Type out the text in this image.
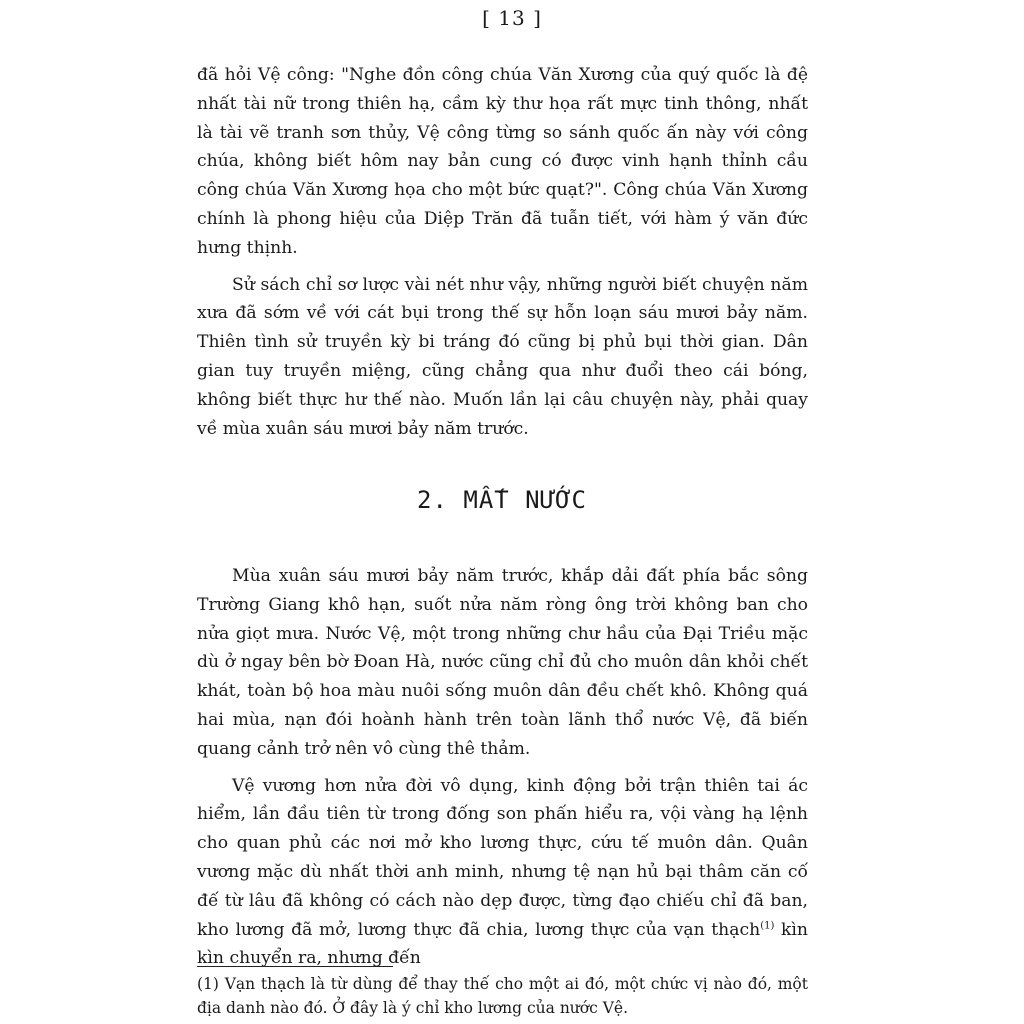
[ 13 ]

đã hỏi Vệ công: "Nghe đồn công chúa Văn Xương của quý quốc là đệ nhất tài nữ trong thiên hạ, cầm kỳ thư họa rất mực tinh thông, nhất là tài vẽ tranh sơn thủy, Vệ công từng so sánh quốc ấn này với công chúa, không biết hôm nay bản cung có được vinh hạnh thỉnh cầu công chúa Văn Xương họa cho một bức quạt?". Công chúa Văn Xương chính là phong hiệu của Diệp Trăn đã tuẫn tiết, với hàm ý văn đức hưng thịnh.

Sử sách chỉ sơ lược vài nét như vậy, những người biết chuyện năm xưa đã sớm về với cát bụi trong thế sự hỗn loạn sáu mươi bảy năm. Thiên tình sử truyền kỳ bi tráng đó cũng bị phủ bụi thời gian. Dân gian tuy truyền miệng, cũng chẳng qua như đuổi theo cái bóng, không biết thực hư thế nào. Muốn lần lại câu chuyện này, phải quay về mùa xuân sáu mươi bảy năm trước.

2. MẤT NƯỚC

Mùa xuân sáu mươi bảy năm trước, khắp dải đất phía bắc sông Trường Giang khô hạn, suốt nửa năm ròng ông trời không ban cho nửa giọt mưa. Nước Vệ, một trong những chư hầu của Đại Triều mặc dù ở ngay bên bờ Đoan Hà, nước cũng chỉ đủ cho muôn dân khỏi chết khát, toàn bộ hoa màu nuôi sống muôn dân đều chết khô. Không quá hai mùa, nạn đói hoành hành trên toàn lãnh thổ nước Vệ, đã biến quang cảnh trở nên vô cùng thê thảm.

Vệ vương hơn nửa đời vô dụng, kinh động bởi trận thiên tai ác hiểm, lần đầu tiên từ trong đống son phấn hiểu ra, vội vàng hạ lệnh cho quan phủ các nơi mở kho lương thực, cứu tế muôn dân. Quân vương mặc dù nhất thời anh minh, nhưng tệ nạn hủ bại thâm căn cố đế từ lâu đã không có cách nào dẹp được, từng đạo chiếu chỉ đã ban, kho lương đã mở, lương thực đã chia, lương thực của vạn thạch$^{(1)}$ kìn kìn chuyển ra, nhưng đến

(1) Vạn thạch là từ dùng để thay thế cho một ai đó, một chức vị nào đó, một địa danh nào đó. Ở đây là ý chỉ kho lương của nước Vệ.
